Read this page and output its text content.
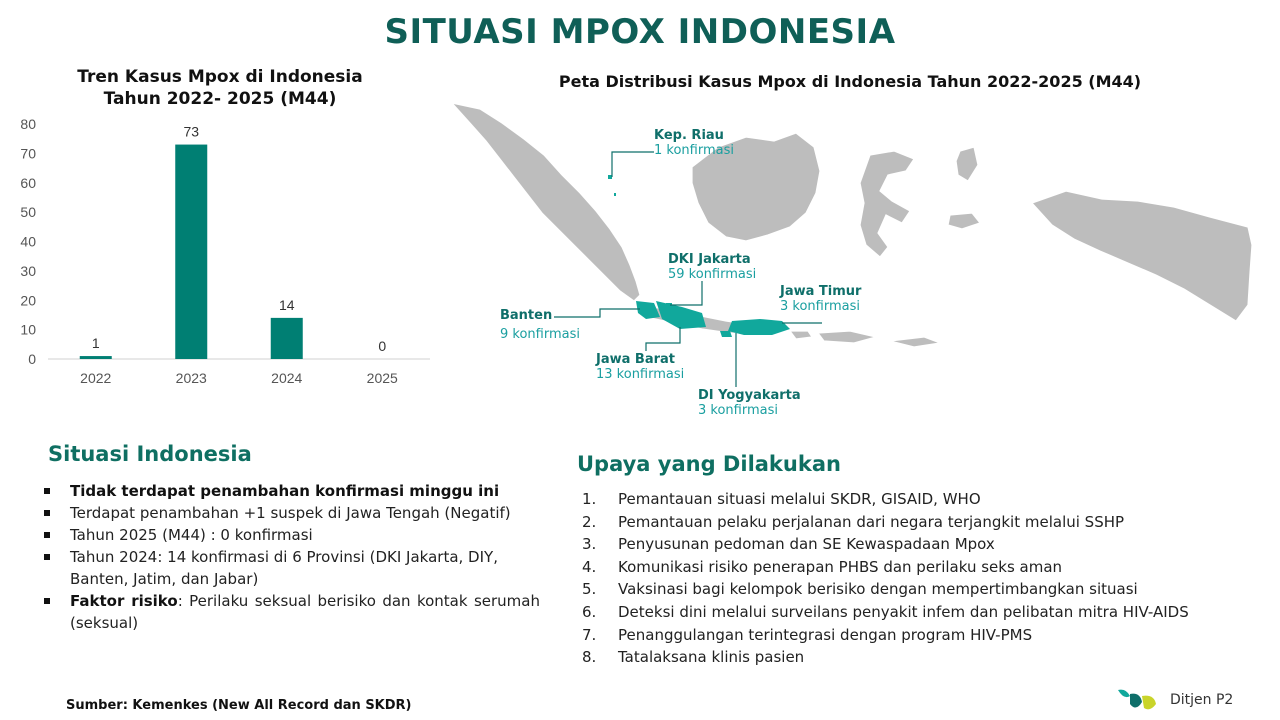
SITUASI MPOX INDONESIA
Tren Kasus Mpox di Indonesia
Tahun 2022- 2025 (M44)
0
10
20
30
40
50
60
70
80
1
2022
73
2023
14
2024
0
2025
Peta Distribusi Kasus Mpox di Indonesia Tahun 2022-2025 (M44)
Kep. Riau
1 konfirmasi
DKI Jakarta
59 konfirmasi
Jawa Timur
3 konfirmasi
Banten
9 konfirmasi
Jawa Barat
13 konfirmasi
DI Yogyakarta
3 konfirmasi
Situasi Indonesia
Tidak terdapat penambahan konfirmasi minggu ini
Terdapat penambahan +1 suspek di Jawa Tengah (Negatif)
Tahun 2025 (M44) : 0 konfirmasi
Tahun 2024: 14 konfirmasi di 6 Provinsi (DKI Jakarta, DIY, Banten, Jatim, dan Jabar)
Faktor risiko: Perilaku seksual berisiko dan kontak serumah (seksual)
Upaya yang Dilakukan
1. Pemantauan situasi melalui SKDR, GISAID, WHO
2. Pemantauan pelaku perjalanan dari negara terjangkit melalui SSHP
3. Penyusunan pedoman dan SE Kewaspadaan Mpox
4. Komunikasi risiko penerapan PHBS dan perilaku seks aman
5. Vaksinasi bagi kelompok berisiko dengan mempertimbangkan situasi
6. Deteksi dini melalui surveilans penyakit infem dan pelibatan mitra HIV-AIDS
7. Penanggulangan terintegrasi dengan program HIV-PMS
8. Tatalaksana klinis pasien
Sumber: Kemenkes (New All Record dan SKDR)	Ditjen P2
